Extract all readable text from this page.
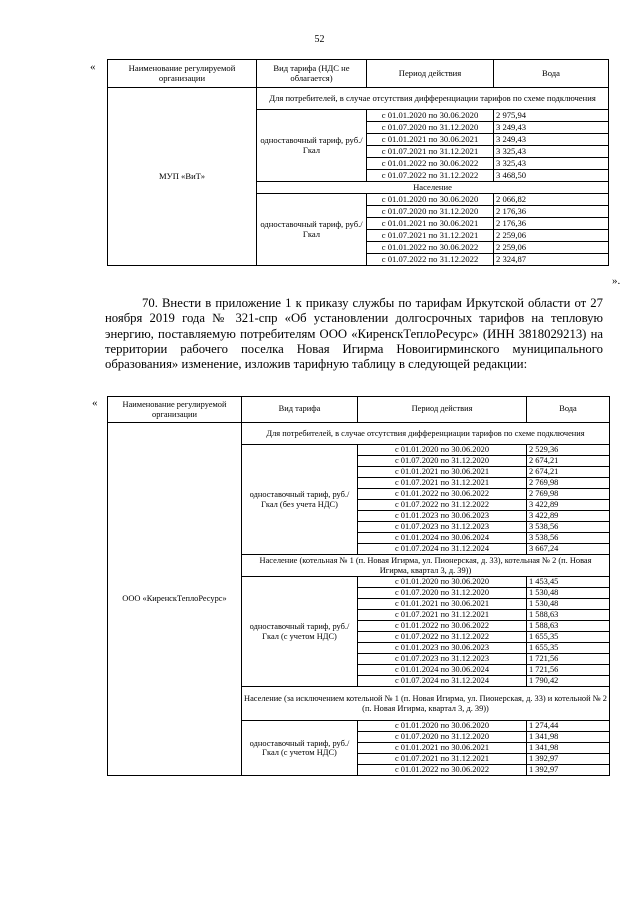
52
«	Наименование регулируемой организации	Вид тарифа (НДС не облагается)	Период действия	Вода
МУП «ВиТ»	Для потребителей, в случае отсутствия дифференциации тарифов по схеме подключения		
	одноставочный тариф, руб./Гкал	с 01.01.2020 по 30.06.2020	2 975,94
		с 01.07.2020 по 31.12.2020	3 249,43
		с 01.01.2021 по 30.06.2021	3 249,43
		с 01.07.2021 по 31.12.2021	3 325,43
		с 01.01.2022 по 30.06.2022	3 325,43
		с 01.07.2022 по 31.12.2022	3 468,50
	Население		
	одноставочный тариф, руб./Гкал	с 01.01.2020 по 30.06.2020	2 066,82
		с 01.07.2020 по 31.12.2020	2 176,36
		с 01.01.2021 по 30.06.2021	2 176,36
		с 01.07.2021 по 31.12.2021	2 259,06
		с 01.01.2022 по 30.06.2022	2 259,06
		с 01.07.2022 по 31.12.2022	2 324,87
».
70. Внести в приложение 1 к приказу службы по тарифам Иркутской области от 27 ноября 2019 года № 321-спр «Об установлении долгосрочных тарифов на тепловую энергию, поставляемую потребителям ООО «КиренскТеплоРесурс» (ИНН 3818029213) на территории рабочего поселка Новая Игирма Новоигирминского муниципального образования» изменение, изложив тарифную таблицу в следующей редакции:
«	Наименование регулируемой организации	Вид тарифа	Период действия	Вода
ООО «КиренскТеплоРесурс»	Для потребителей, в случае отсутствия дифференциации тарифов по схеме подключения		
	одноставочный тариф, руб./Гкал (без учета НДС)	с 01.01.2020 по 30.06.2020	2 529,36
		с 01.07.2020 по 31.12.2020	2 674,21
		с 01.01.2021 по 30.06.2021	2 674,21
		с 01.07.2021 по 31.12.2021	2 769,98
		с 01.01.2022 по 30.06.2022	2 769,98
		с 01.07.2022 по 31.12.2022	3 422,89
		с 01.01.2023 по 30.06.2023	3 422,89
		с 01.07.2023 по 31.12.2023	3 538,56
		с 01.01.2024 по 30.06.2024	3 538,56
		с 01.07.2024 по 31.12.2024	3 667,24
	Население (котельная № 1 (п. Новая Игирма, ул. Пионерская, д. 33), котельная № 2 (п. Новая Игирма, квартал 3, д. 39))		
	одноставочный тариф, руб./Гкал (с учетом НДС)	с 01.01.2020 по 30.06.2020	1 453,45
		с 01.07.2020 по 31.12.2020	1 530,48
		с 01.01.2021 по 30.06.2021	1 530,48
		с 01.07.2021 по 31.12.2021	1 588,63
		с 01.01.2022 по 30.06.2022	1 588,63
		с 01.07.2022 по 31.12.2022	1 655,35
		с 01.01.2023 по 30.06.2023	1 655,35
		с 01.07.2023 по 31.12.2023	1 721,56
		с 01.01.2024 по 30.06.2024	1 721,56
		с 01.07.2024 по 31.12.2024	1 790,42
	Население (за исключением котельной № 1 (п. Новая Игирма, ул. Пионерская, д. 33) и котельной № 2 (п. Новая Игирма, квартал 3, д. 39))		
	одноставочный тариф, руб./Гкал (с учетом НДС)	с 01.01.2020 по 30.06.2020	1 274,44
		с 01.07.2020 по 31.12.2020	1 341,98
		с 01.01.2021 по 30.06.2021	1 341,98
		с 01.07.2021 по 31.12.2021	1 392,97
		с 01.01.2022 по 30.06.2022	1 392,97
